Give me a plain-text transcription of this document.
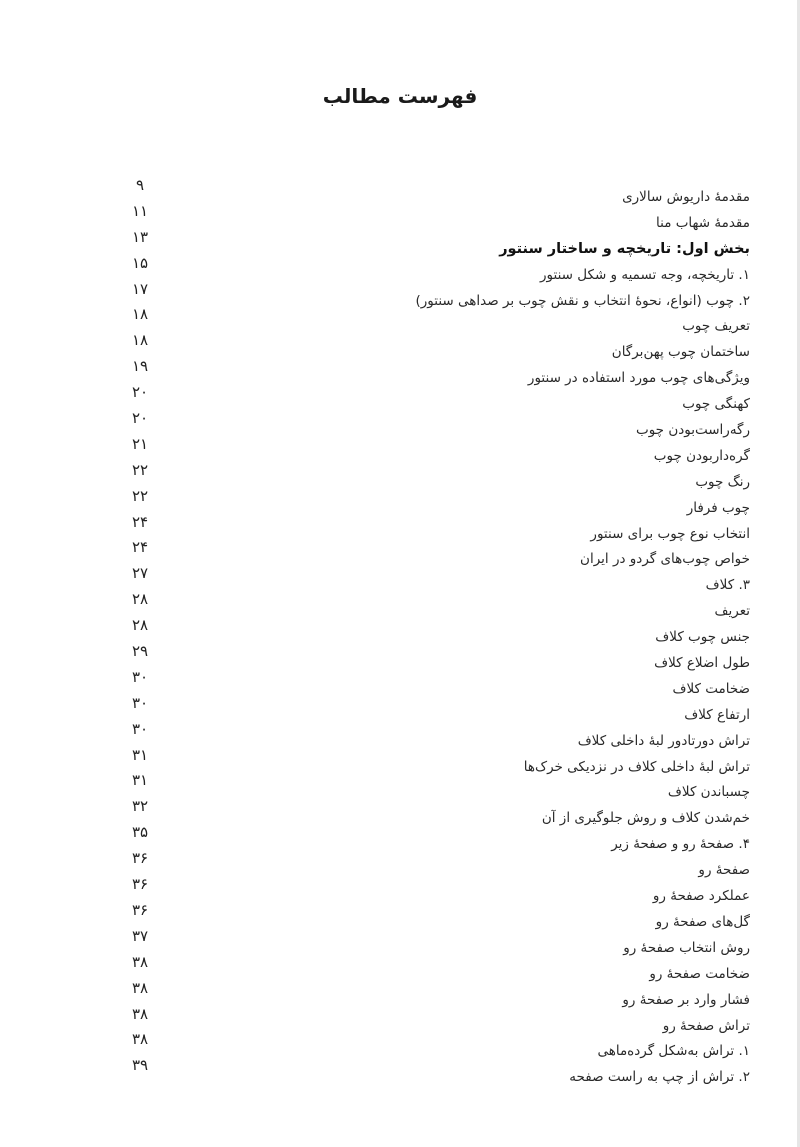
فهرست مطالب
۹
مقدمهٔ داریوش سالاری
۱۱
مقدمهٔ شهاب منا
۱۳
بخش اول: تاریخچه و ساختار سنتور
۱۵
۱. تاریخچه، وجه تسمیه و شکل سنتور
۱۷
۲. چوب (انواع، نحوهٔ انتخاب و نقش چوب بر صداهی سنتور)
۱۸
تعریف چوب
۱۸
ساختمان چوب پهن‌برگان
۱۹
ویژگی‌های چوب مورد استفاده در سنتور
۲۰
کهنگی چوب
۲۰
رگه‌راست‌بودن چوب
۲۱
گره‌داربودن چوب
۲۲
رنگ چوب
۲۲
چوب فرفار
۲۴
انتخاب نوع چوب برای سنتور
۲۴
خواص چوب‌های گردو در ایران
۲۷
۳. کلاف
۲۸
تعریف
۲۸
جنس چوب کلاف
۲۹
طول اضلاع کلاف
۳۰
ضخامت کلاف
۳۰
ارتفاع کلاف
۳۰
تراش دورتادور لبهٔ داخلی کلاف
۳۱
تراش لبهٔ داخلی کلاف در نزدیکی خرک‌ها
۳۱
چسباندن کلاف
۳۲
خم‌شدن کلاف و روش جلوگیری از آن
۳۵
۴. صفحهٔ رو و صفحهٔ زیر
۳۶
صفحهٔ رو
۳۶
عملکرد صفحهٔ رو
۳۶
گل‌های صفحهٔ رو
۳۷
روش انتخاب صفحهٔ رو
۳۸
ضخامت صفحهٔ رو
۳۸
فشار وارد بر صفحهٔ رو
۳۸
تراش صفحهٔ رو
۳۸
۱. تراش به‌شکل گرده‌ماهی
۳۹
۲. تراش از چپ به راست صفحه
